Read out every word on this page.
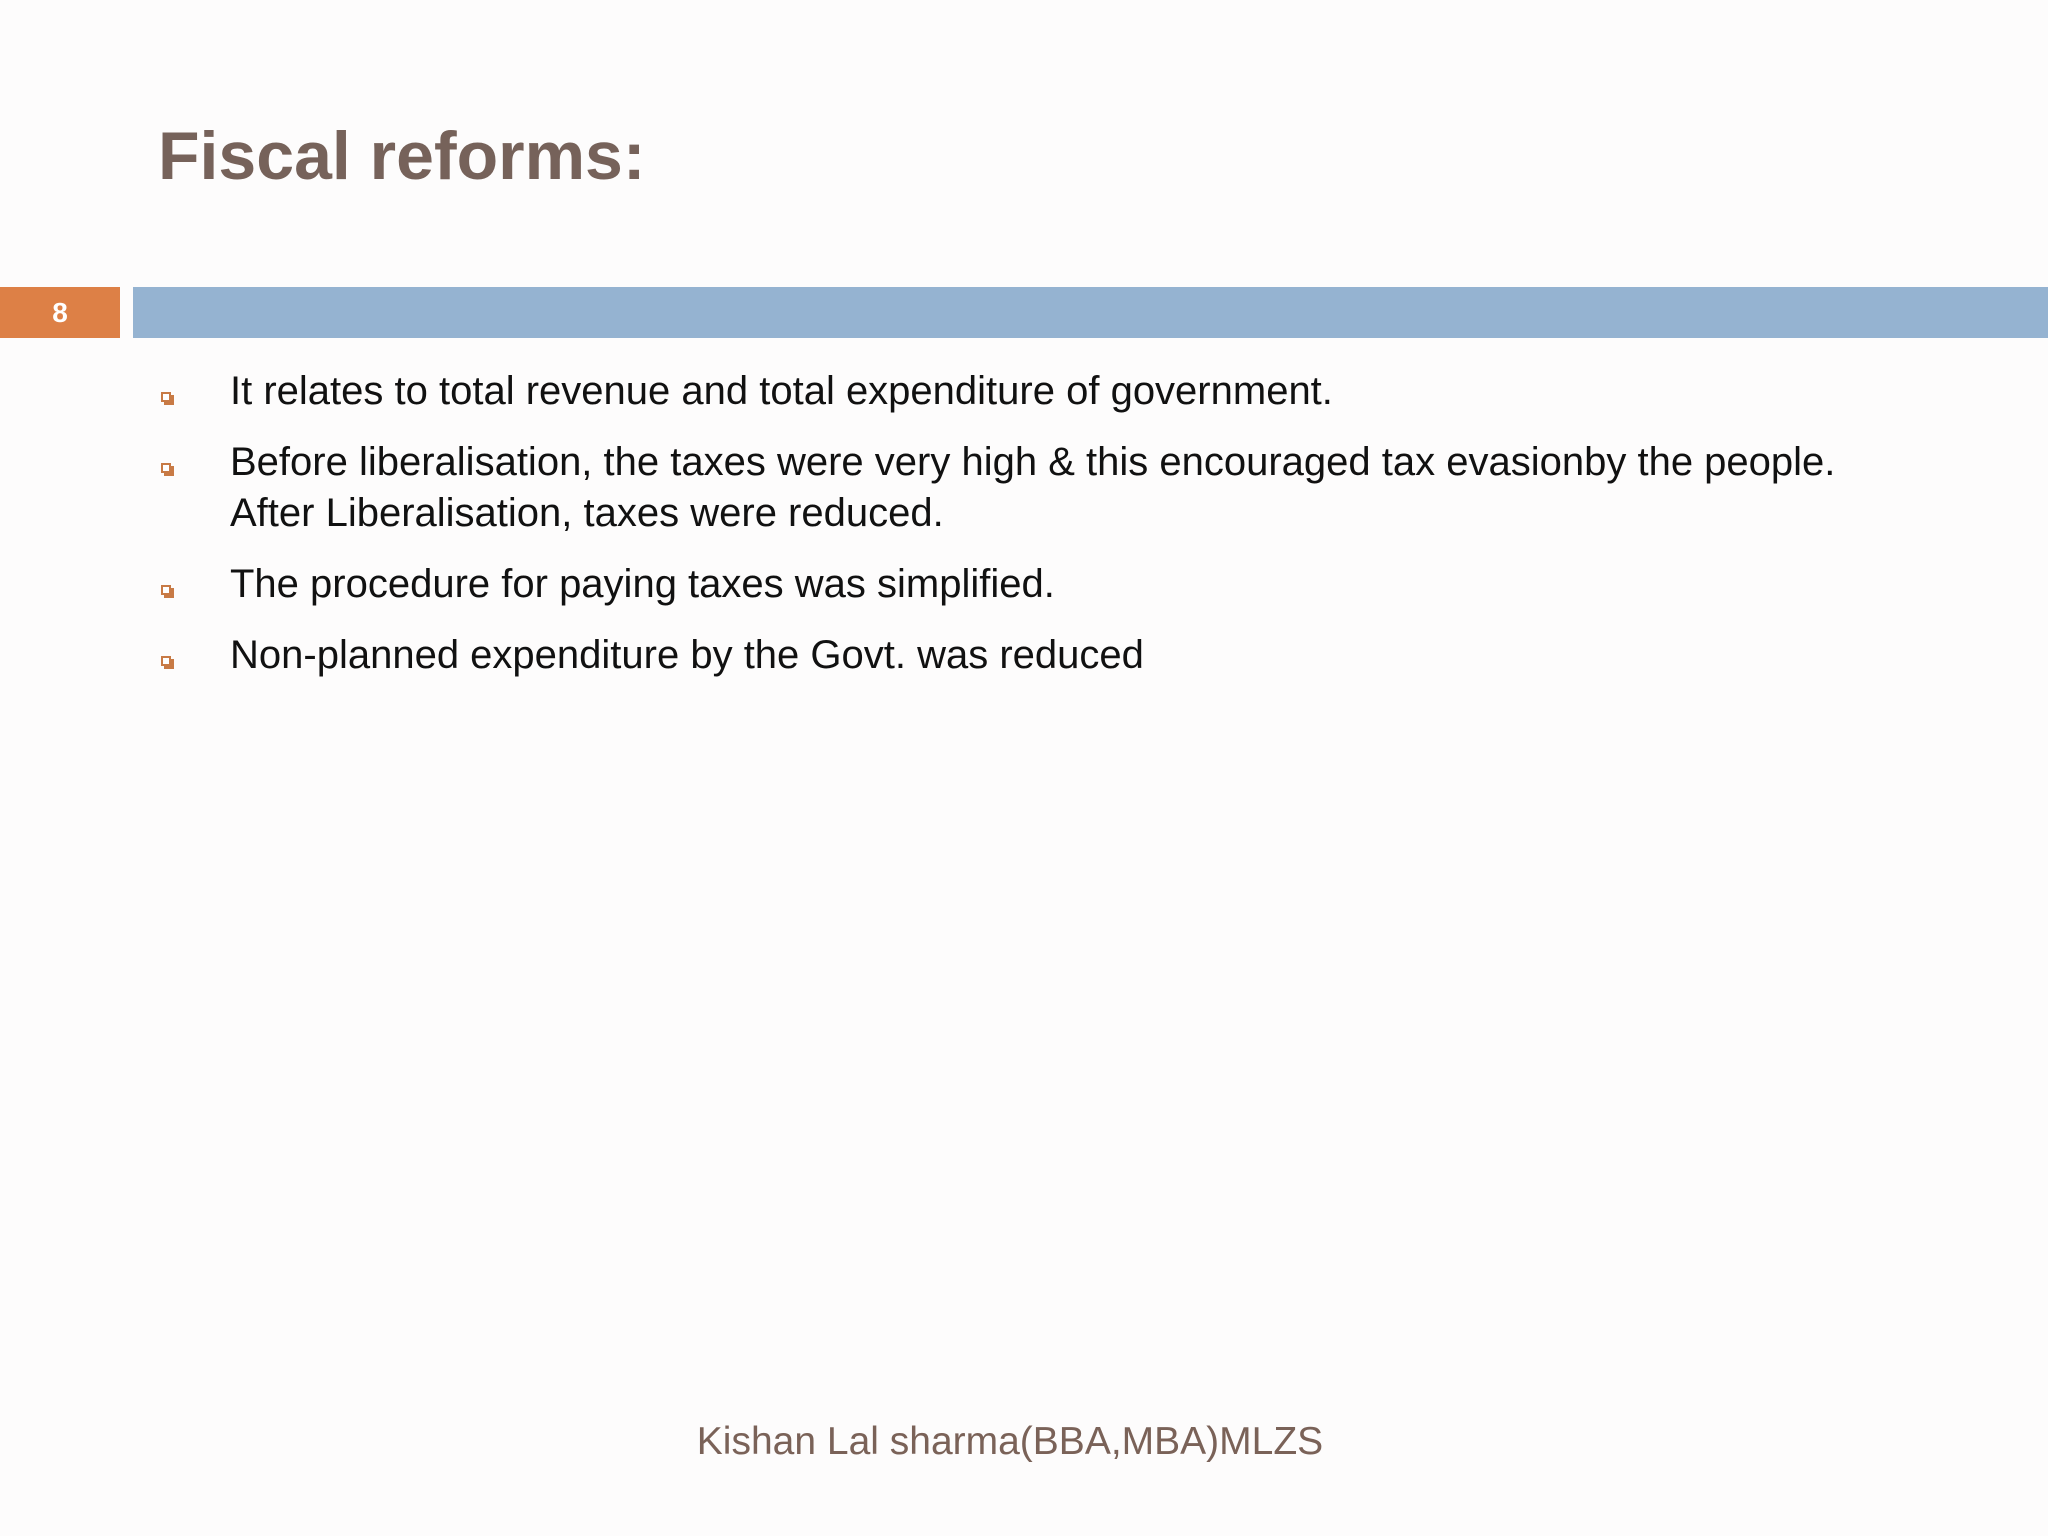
Fiscal reforms:
8
It relates to total revenue and total expenditure of government.
Before liberalisation, the taxes were very high & this encouraged tax evasionby the people. After Liberalisation, taxes were reduced.
The procedure for paying taxes was simplified.
Non-planned expenditure by the Govt. was reduced
Kishan Lal sharma(BBA,MBA)MLZS
